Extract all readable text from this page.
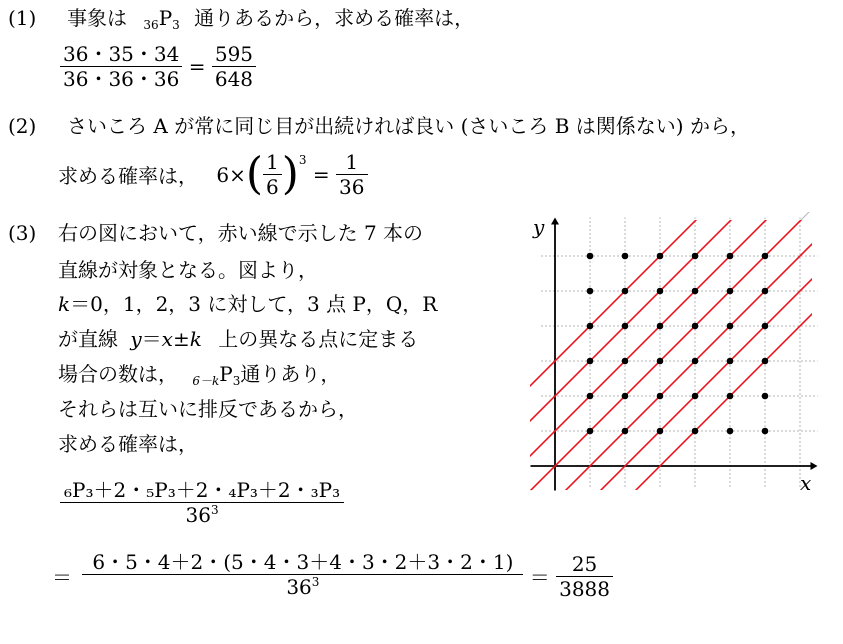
(1) 事象は $_{36}P_3$ 通りあるから，求める確率は，
$\frac{36・35・34}{36・36・36} = \frac{595}{648}$
(2) さいころ A が常に同じ目が出続ければ良い (さいころ B は関係ない) から，
求める確率は， $6\times( \frac{1}{6} )^3 = \frac{1}{36}$
(3) 右の図において，赤い線で示した 7 本の
直線が対象となる。図より，
k＝0，1，2，3 に対して，3 点 P，Q，R
が直線 y＝x±k 上の異なる点に定まる
場合の数は， $_{6-k}P_3$通りあり，
それらは互いに排反であるから，
求める確率は，
$\frac{\text{₆P₃＋2・₅P₃＋2・₄P₃＋2・₃P₃}}{36^3}$
＝ $\frac{6・5・4+2・(5・4・3+4・3・2+3・2・1)}{36^3} = \frac{25}{3888}$
y
x
